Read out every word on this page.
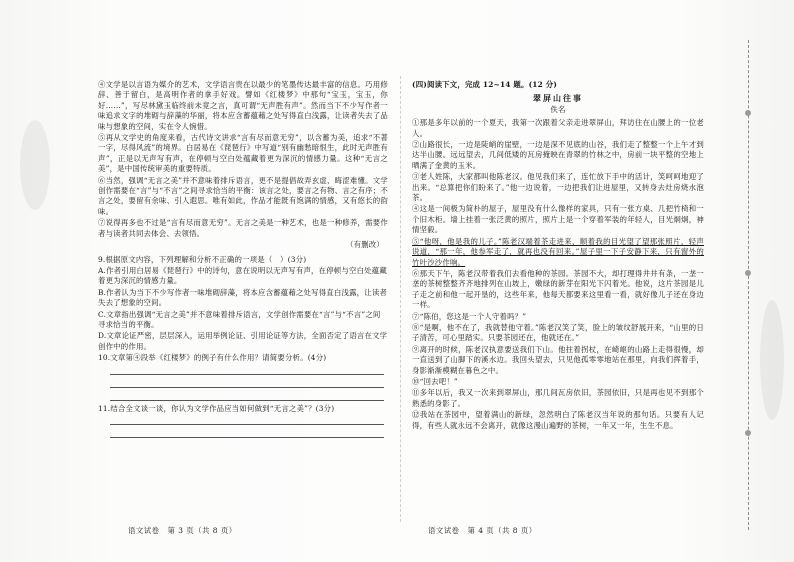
④文学是以言语为媒介的艺术，文学语言贵在以最少的笔墨传达最丰富的信息。巧用修辞、善于留白，是高明作者的拿手好戏。譬如《红楼梦》中那句“宝玉，宝玉，你好……”，写尽林黛玉临终前未竟之言，真可谓“无声胜有声”。然而当下不少写作者一味追求文字的堆砌与辞藻的华丽，将本应含蓄蕴藉之处写得直白浅露，让读者失去了品味与想象的空间，实在令人惋惜。

⑤再从文学史的角度来看，古代诗文讲求“言有尽而意无穷”，以含蓄为美，追求“不著一字，尽得风流”的境界。白居易在《琵琶行》中写道“别有幽愁暗恨生，此时无声胜有声”，正是以无声写有声，在停顿与空白处蕴藏着更为深沉的情感力量。这种“无言之美”，是中国传统审美的重要特质。

⑥当然，强调“无言之美”并不意味着排斥语言，更不是提倡故弄玄虚、晦涩难懂。文学创作需要在“言”与“不言”之间寻求恰当的平衡：该言之处，要言之有物、言之有序；不言之处，要留有余味、引人遐思。唯有如此，作品才能既有饱满的情感，又有悠长的韵味。

⑦说得再多也不过是“言有尽而意无穷”。无言之美是一种艺术，也是一种修养，需要作者与读者共同去体会、去领悟。

（有删改）
9.根据原文内容，下列理解和分析不正确的一项是（　）(3分)
A.作者引用白居易《琵琶行》中的诗句，意在说明以无声写有声，在停顿与空白处蕴藏着更为深沉的情感力量。
B.作者认为当下不少写作者一味堆砌辞藻，将本应含蓄蕴藉之处写得直白浅露，让读者失去了想象的空间。
C.文章指出强调“无言之美”并不意味着排斥语言，文学创作需要在“言”与“不言”之间寻求恰当的平衡。
D.文章论证严密，层层深入，运用举例论证、引用论证等方法，全面否定了语言在文学创作中的作用。
10.文章第④段举《红楼梦》的例子有什么作用？请简要分析。(4分)
11.结合全文谈一谈，你认为文学作品应当如何做到“无言之美”？(3分)
(四)阅读下文，完成 12~14 题。(12 分)
翠屏山往事
佚名

①那是多年以前的一个夏天，我第一次跟着父亲走进翠屏山，拜访住在山腰上的一位老人。

②山路很长，一边是陡峭的崖壁，一边是深不见底的山谷，我们走了整整一个上午才到达半山腰。远远望去，几间低矮的瓦房掩映在青翠的竹林之中，房前一块平整的空地上晒满了金黄的玉米。

③老人姓陈，大家都叫他陈老汉。他见我们来了，连忙放下手中的活计，笑呵呵地迎了出来。“总算把你们盼来了。”他一边说着，一边把我们让进屋里，又转身去灶房烧水泡茶。

④这是一间极为简朴的屋子，屋里没有什么像样的家具，只有一张方桌、几把竹椅和一个旧木柜。墙上挂着一张泛黄的照片，照片上是一个穿着军装的年轻人，目光炯炯，神情坚毅。

⑤“他呀，他是我的儿子。”陈老汉端着茶走进来，顺着我的目光望了望那张照片，轻声说道，“那一年，他参军走了，就再也没有回来。”屋子里一下子安静下来，只有窗外的竹叶沙沙作响。

⑥那天下午，陈老汉带着我们去看他种的茶园。茶园不大，却打理得井井有条，一垄一垄的茶树整整齐齐地排列在山坡上，嫩绿的新芽在阳光下闪着光。他说，这片茶园是儿子走之前和他一起开垦的，这些年来，他每天都要来这里看一看，就好像儿子还在身边一样。

⑦“陈伯，您这是一个人守着吗？”

⑧“是啊，他不在了，我就替他守着。”陈老汉笑了笑，脸上的皱纹舒展开来，“山里的日子清苦，可心里踏实。只要茶园还在，他就还在。”

⑨离开的时候，陈老汉执意要送我们下山。他拄着拐杖，在崎岖的山路上走得很慢，却一直送到了山脚下的溪水边。我回头望去，只见他孤零零地站在那里，向我们挥着手，身影渐渐模糊在暮色之中。

⑩“回去吧！”

⑪多年以后，我又一次来到翠屏山，那几间瓦房依旧，茶园依旧，只是再也见不到那个熟悉的身影了。

⑫我站在茶园中，望着满山的新绿，忽然明白了陈老汉当年说的那句话。只要有人记得，有些人就永远不会离开，就像这漫山遍野的茶树，一年又一年，生生不息。

语文试卷　第 3 页（共 8 页）	语文试卷　第 4 页（共 8 页）
